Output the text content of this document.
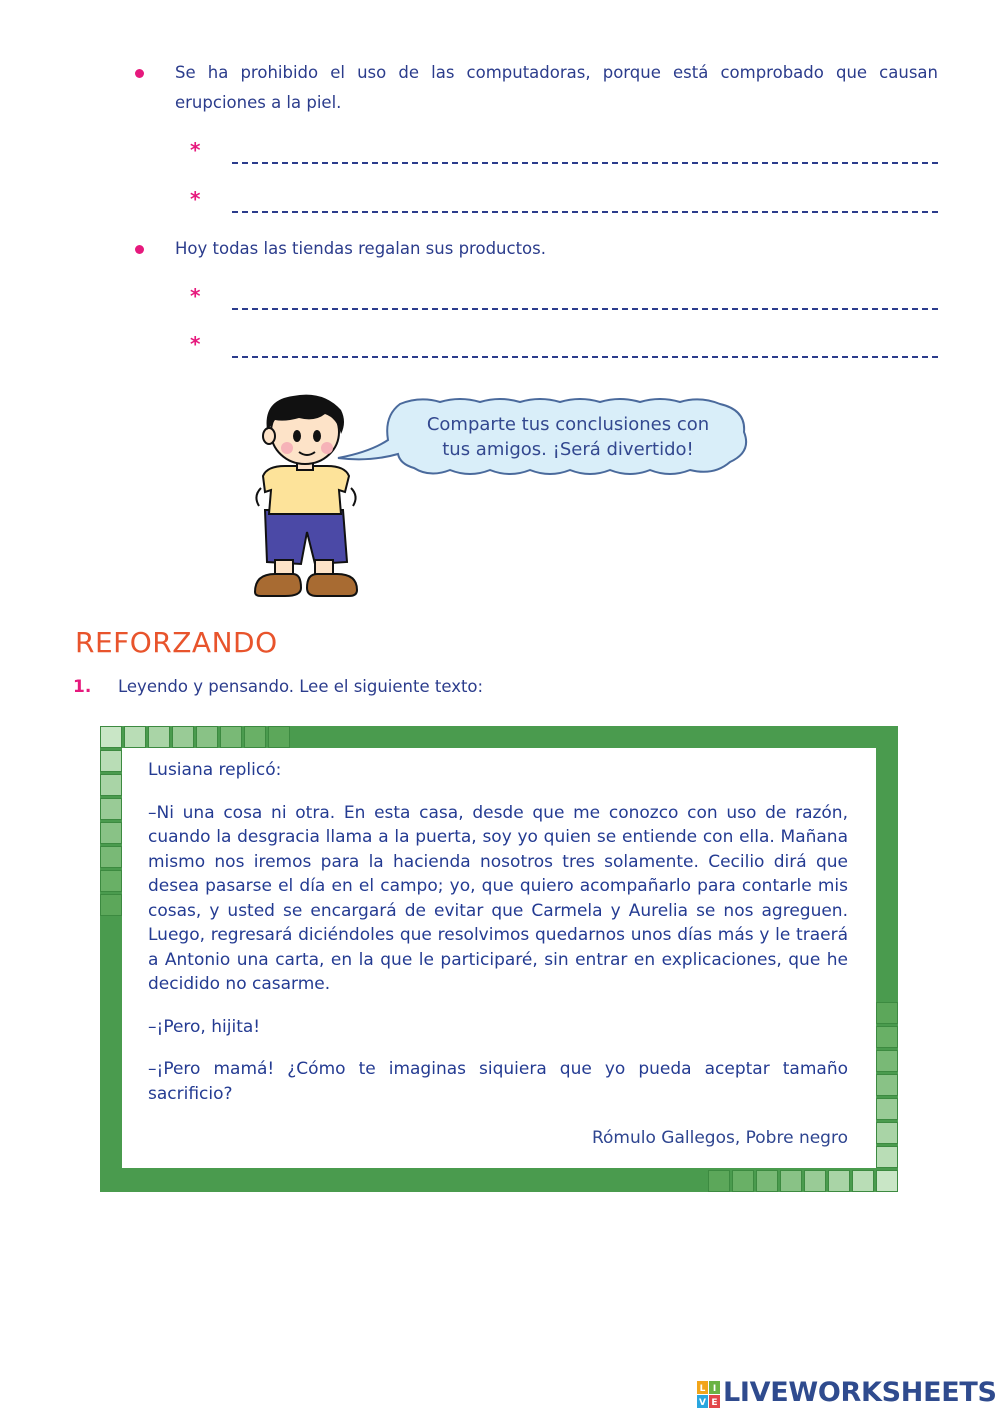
Se ha prohibido el uso de las computadoras, porque está comprobado que causan erupciones a la piel.
*
*
Hoy todas las tiendas regalan sus productos.
*
*
Comparte tus conclusiones con
tus amigos. ¡Será divertido!
REFORZANDO
1. Leyendo y pensando. Lee el siguiente texto:

Lusiana replicó:

–Ni una cosa ni otra. En esta casa, desde que me conozco con uso de razón, cuando la desgracia llama a la puerta, soy yo quien se entiende con ella. Mañana mismo nos iremos para la hacienda nosotros tres solamente. Cecilio dirá que desea pasarse el día en el campo; yo, que quiero acompañarlo para contarle mis cosas, y usted se encargará de evitar que Carmela y Aurelia se nos agreguen. Luego, regresará diciéndoles que resolvimos quedarnos unos días más y le traerá a Antonio una carta, en la que le participaré, sin entrar en explicaciones, que he decidido no casarme.

–¡Pero, hijita!

–¡Pero mamá! ¿Cómo te imaginas siquiera que yo pueda aceptar tamaño sacrificio?

Rómulo Gallegos, Pobre negro

L I
V E LIVEWORKSHEETS
